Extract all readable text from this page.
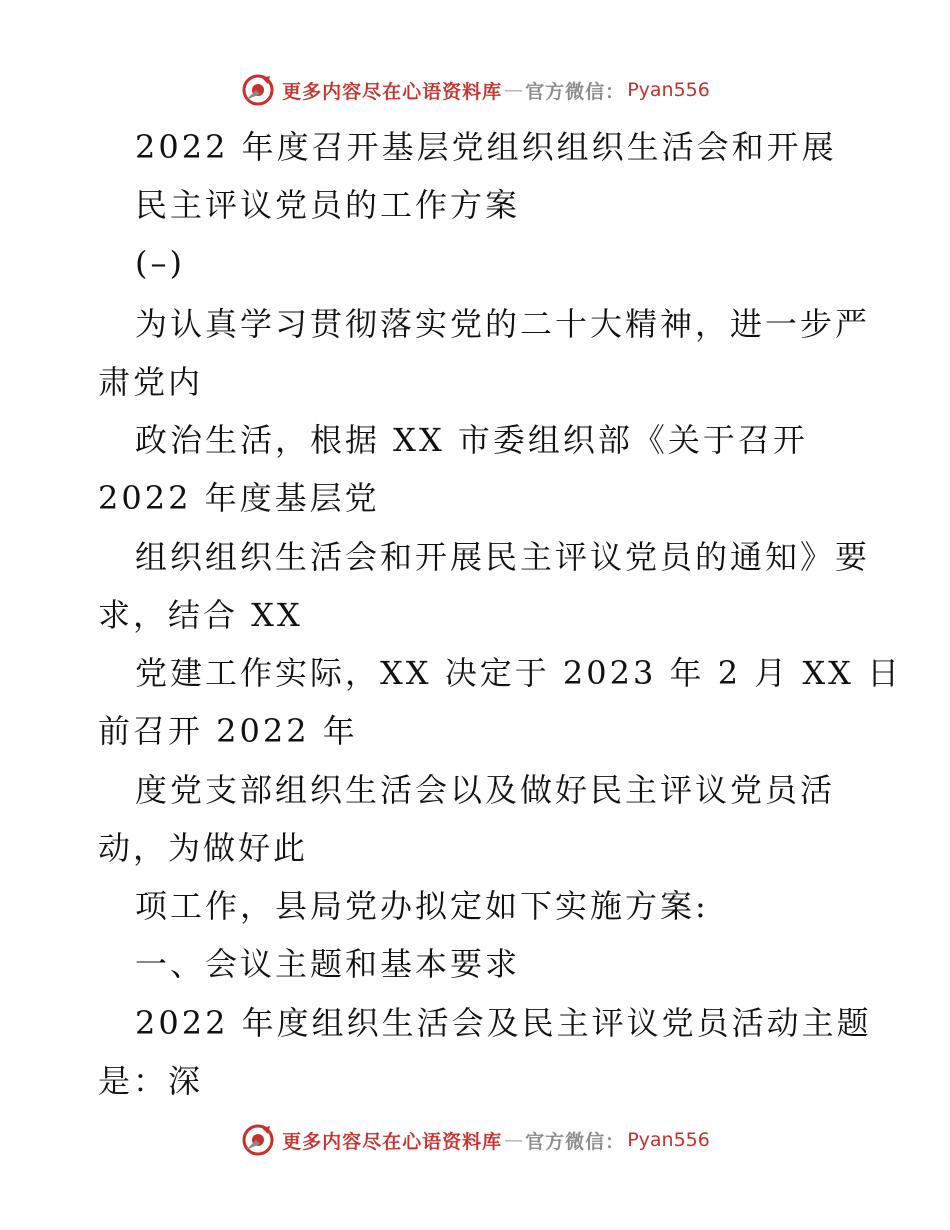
更多内容尽在心语资料库 — 官方微信： Pyan556
2022 年度召开基层党组织组织生活会和开展
民主评议党员的工作方案
(–)
为认真学习贯彻落实党的二十大精神，进一步严
肃党内
政治生活，根据 XX 市委组织部《关于召开
2022 年度基层党
组织组织生活会和开展民主评议党员的通知》要
求，结合 XX
党建工作实际，XX 决定于 2023 年 2 月 XX 日
前召开 2022 年
度党支部组织生活会以及做好民主评议党员活
动，为做好此
项工作，县局党办拟定如下实施方案:
一、会议主题和基本要求
2022 年度组织生活会及民主评议党员活动主题
是：深
更多内容尽在心语资料库 — 官方微信： Pyan556
